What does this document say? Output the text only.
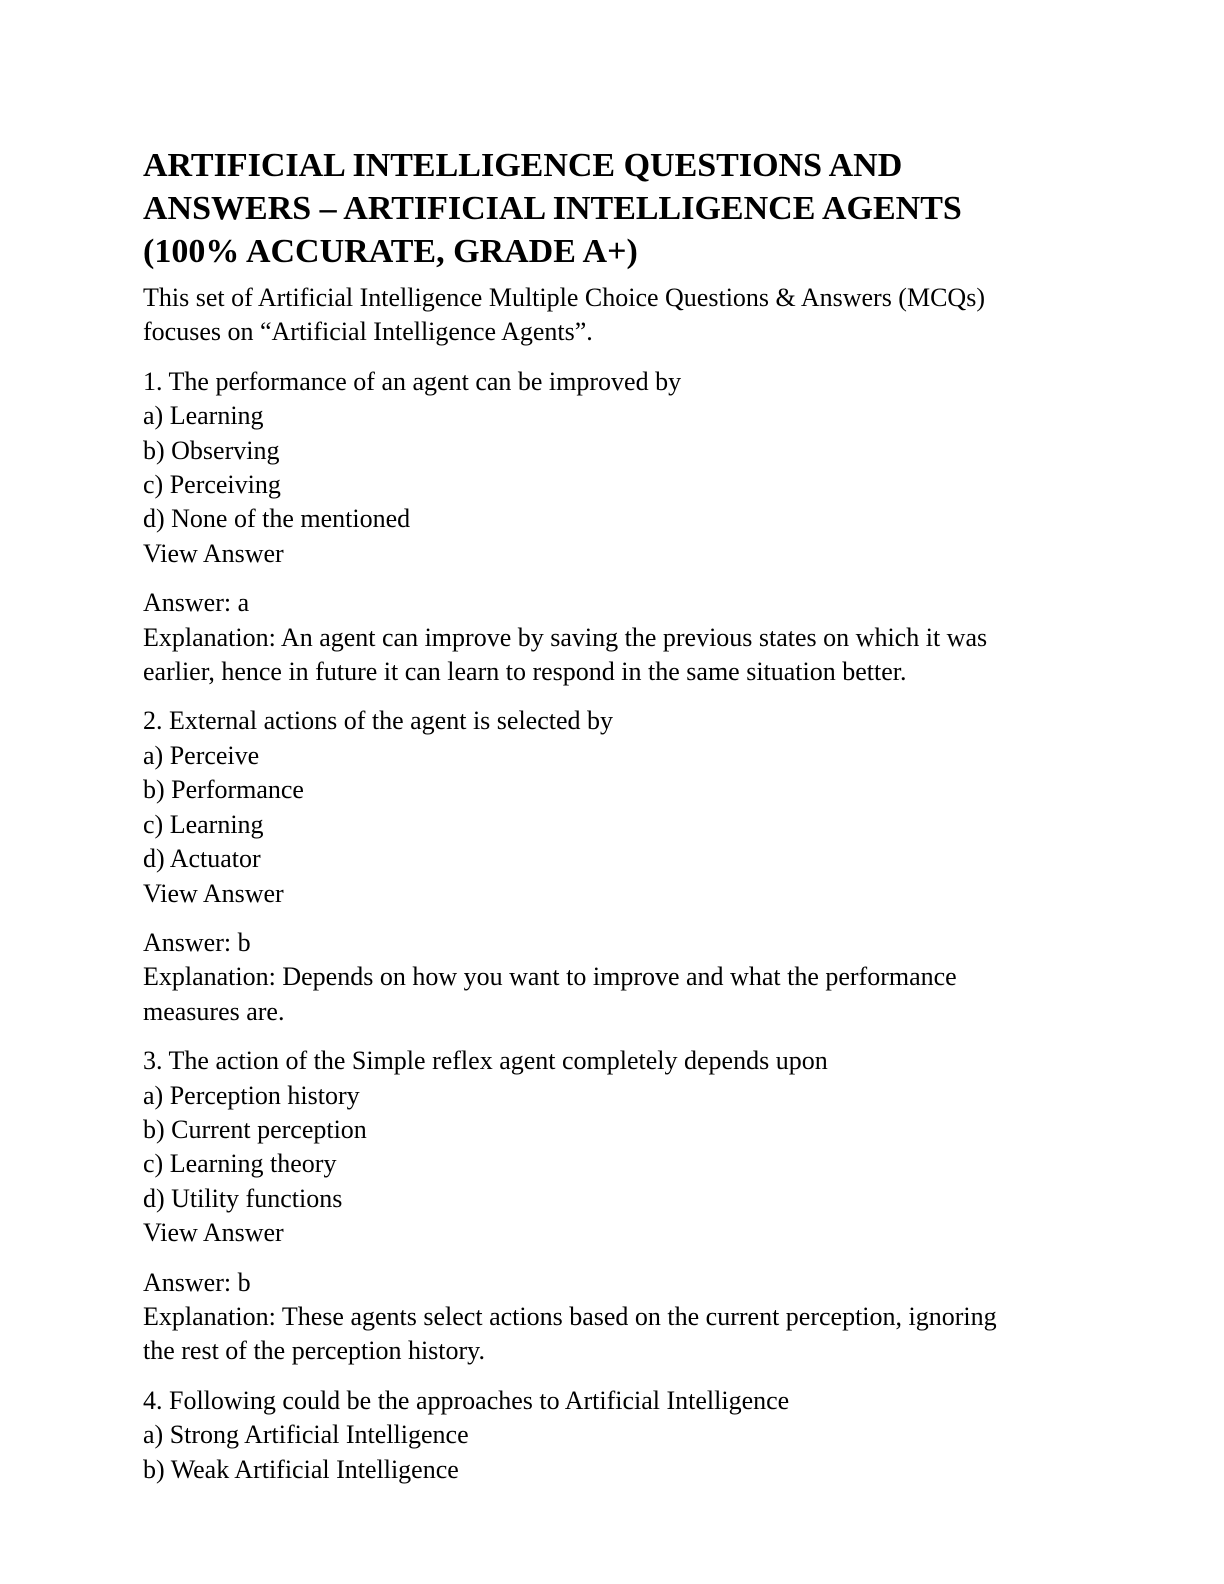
ARTIFICIAL INTELLIGENCE QUESTIONS AND
ANSWERS – ARTIFICIAL INTELLIGENCE AGENTS
(100% ACCURATE, GRADE A+)

This set of Artificial Intelligence Multiple Choice Questions & Answers (MCQs)
focuses on “Artificial Intelligence Agents”.

1. The performance of an agent can be improved by
a) Learning
b) Observing
c) Perceiving
d) None of the mentioned
View Answer
Answer: a
Explanation: An agent can improve by saving the previous states on which it was
earlier, hence in future it can learn to respond in the same situation better.
2. External actions of the agent is selected by
a) Perceive
b) Performance
c) Learning
d) Actuator
View Answer
Answer: b
Explanation: Depends on how you want to improve and what the performance
measures are.
3. The action of the Simple reflex agent completely depends upon
a) Perception history
b) Current perception
c) Learning theory
d) Utility functions
View Answer
Answer: b
Explanation: These agents select actions based on the current perception, ignoring
the rest of the perception history.
4. Following could be the approaches to Artificial Intelligence
a) Strong Artificial Intelligence
b) Weak Artificial Intelligence
